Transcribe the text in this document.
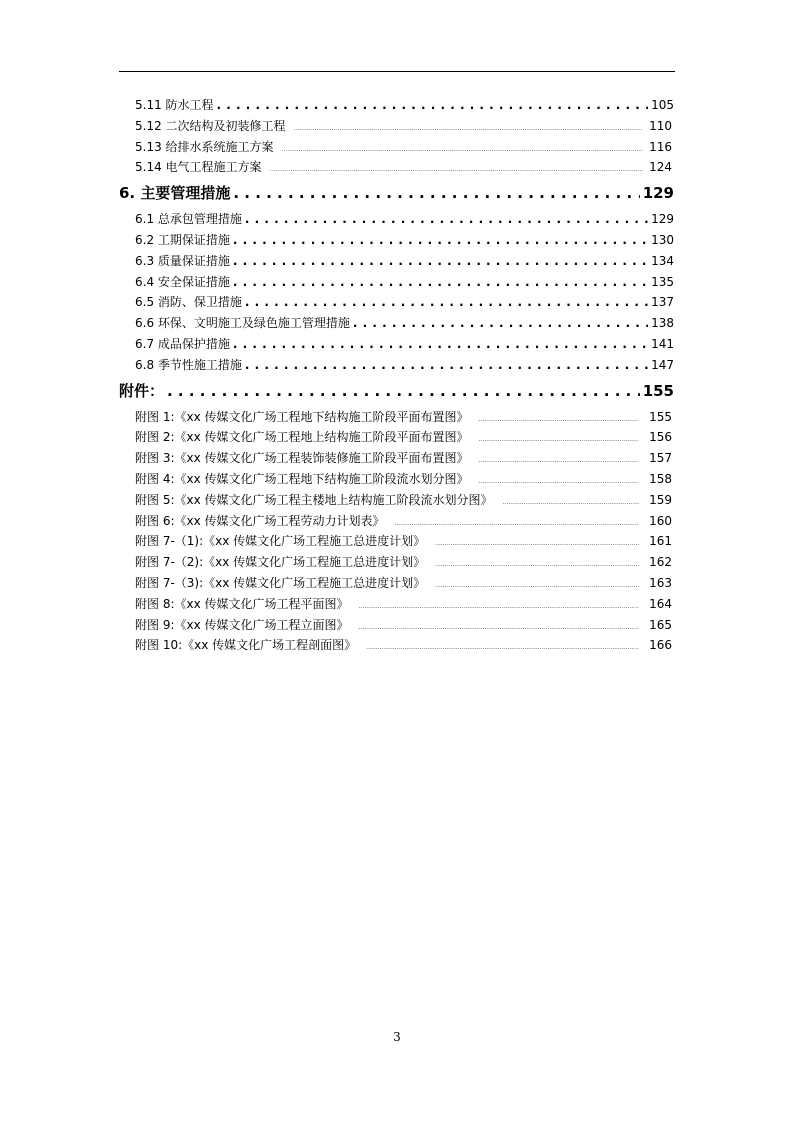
5.11 防水工程 . . .	105
5.12 二次结构及初装修工程 .....	110
5.13 给排水系统施工方案 .....	116
5.14 电气工程施工方案 .....	124
6. 主要管理措施 . . .	129
6.1 总承包管理措施 . . .	129
6.2 工期保证措施 . . .	130
6.3 质量保证措施 . . .	134
6.4 安全保证措施 . . .	135
6.5 消防、保卫措施 . . .	137
6.6 环保、文明施工及绿色施工管理措施 . . .	138
6.7 成品保护措施 . . .	141
6.8 季节性施工措施 . . .	147
附件： . . .	155
附图 1:《xx 传媒文化广场工程地下结构施工阶段平面布置图》 .....	155
附图 2:《xx 传媒文化广场工程地上结构施工阶段平面布置图》 .....	156
附图 3:《xx 传媒文化广场工程装饰装修施工阶段平面布置图》 .....	157
附图 4:《xx 传媒文化广场工程地下结构施工阶段流水划分图》 .....	158
附图 5:《xx 传媒文化广场工程主楼地上结构施工阶段流水划分图》 .....	159
附图 6:《xx 传媒文化广场工程劳动力计划表》 .....	160
附图 7-（1):《xx 传媒文化广场工程施工总进度计划》 .....	161
附图 7-（2):《xx 传媒文化广场工程施工总进度计划》 .....	162
附图 7-（3):《xx 传媒文化广场工程施工总进度计划》 .....	163
附图 8:《xx 传媒文化广场工程平面图》 .....	164
附图 9:《xx 传媒文化广场工程立面图》 .....	165
附图 10:《xx 传媒文化广场工程剖面图》 .....	166
3
